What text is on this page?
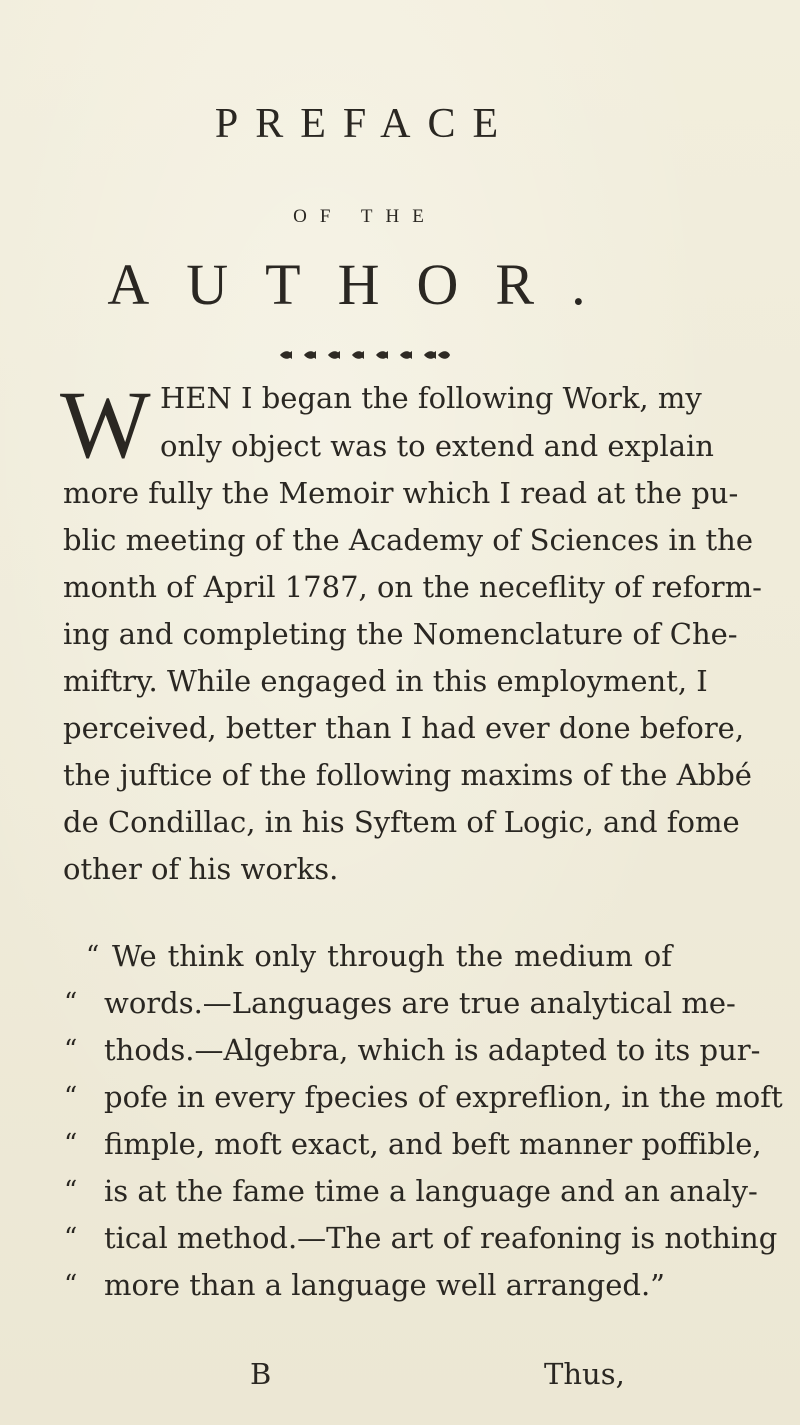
PREFACE
OF THE
AUTHOR.
W HEN I began the following Work, my
only object was to extend and explain
more fully the Memoir which I read at the pu-
blic meeting of the Academy of Sciences in the
month of April 1787, on the neceflity of reform-
ing and completing the Nomenclature of Che-
miftry. While engaged in this employment, I
perceived, better than I had ever done before,
the juftice of the following maxims of the Abbé
de Condillac, in his Syftem of Logic, and fome
other of his works.
“ We think only through the medium of
“ words.—Languages are true analytical me-
“ thods.—Algebra, which is adapted to its pur-
“ pofe in every fpecies of expreflion, in the moft
“ fimple, moft exact, and beft manner poffible,
“ is at the fame time a language and an analy-
“ tical method.—The art of reafoning is nothing
“ more than a language well arranged.”
B	Thus,
